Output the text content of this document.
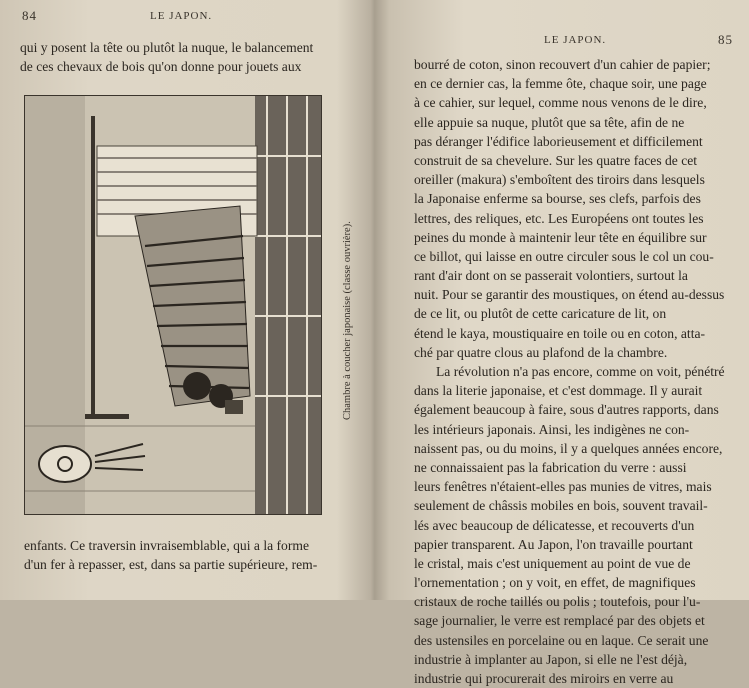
84	LE JAPON.
qui y posent la tête ou plutôt la nuque, le balancement
de ces chevaux de bois qu'on donne pour jouets aux
Chambre à coucher japonaise (classe ouvrière).
enfants. Ce traversin invraisemblable, qui a la forme
d'un fer à repasser, est, dans sa partie supérieure, rem-
LE JAPON.	85
bourré de coton, sinon recouvert d'un cahier de papier;
en ce dernier cas, la femme ôte, chaque soir, une page
à ce cahier, sur lequel, comme nous venons de le dire,
elle appuie sa nuque, plutôt que sa tête, afin de ne
pas déranger l'édifice laborieusement et difficilement
construit de sa chevelure. Sur les quatre faces de cet
oreiller (makura) s'emboîtent des tiroirs dans lesquels
la Japonaise enferme sa bourse, ses clefs, parfois des
lettres, des reliques, etc. Les Européens ont toutes les
peines du monde à maintenir leur tête en équilibre sur
ce billot, qui laisse en outre circuler sous le col un cou-
rant d'air dont on se passerait volontiers, surtout la
nuit. Pour se garantir des moustiques, on étend au-dessus
de ce lit, ou plutôt de cette caricature de lit, on
étend le kaya, moustiquaire en toile ou en coton, atta-
ché par quatre clous au plafond de la chambre.
La révolution n'a pas encore, comme on voit, pénétré
dans la literie japonaise, et c'est dommage. Il y aurait
également beaucoup à faire, sous d'autres rapports, dans
les intérieurs japonais. Ainsi, les indigènes ne con-
naissent pas, ou du moins, il y a quelques années encore,
ne connaissaient pas la fabrication du verre : aussi
leurs fenêtres n'étaient-elles pas munies de vitres, mais
seulement de châssis mobiles en bois, souvent travail-
lés avec beaucoup de délicatesse, et recouverts d'un
papier transparent. Au Japon, l'on travaille pourtant
le cristal, mais c'est uniquement au point de vue de
l'ornementation ; on y voit, en effet, de magnifiques
cristaux de roche taillés ou polis ; toutefois, pour l'u-
sage journalier, le verre est remplacé par des objets et
des ustensiles en porcelaine ou en laque. Ce serait une
industrie à implanter au Japon, si elle ne l'est déjà,
industrie qui procurerait des miroirs en verre au
